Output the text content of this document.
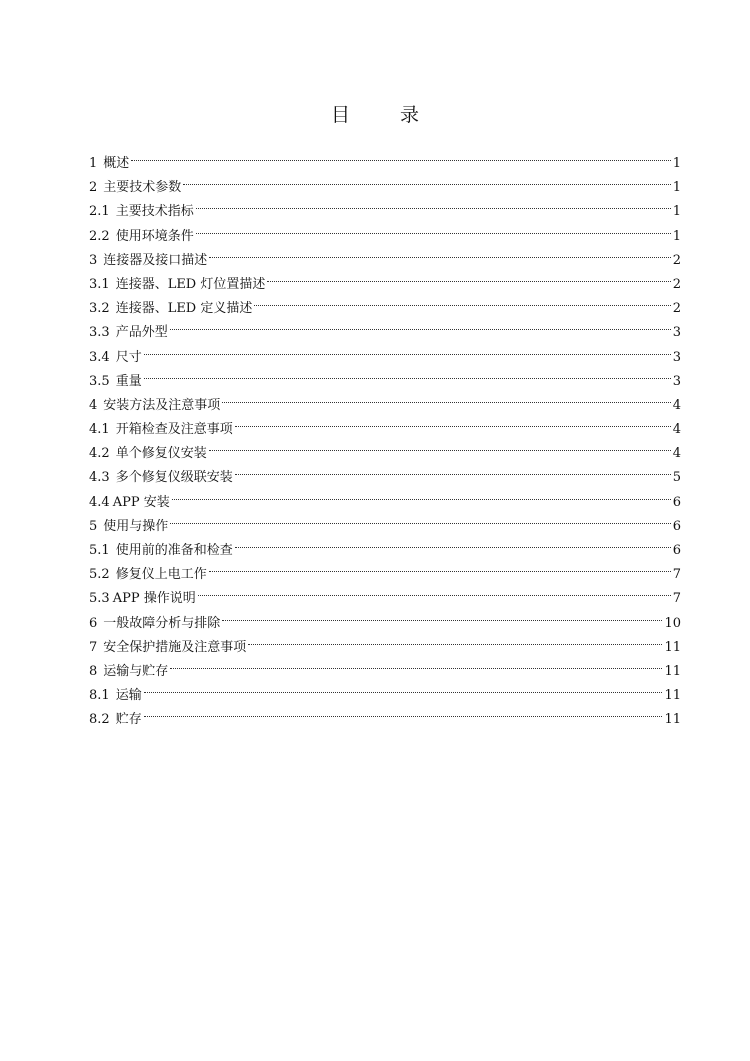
目 录
1 概述	1
2 主要技术参数	1
2.1 主要技术指标	1
2.2 使用环境条件	1
3 连接器及接口描述	2
3.1 连接器、LED 灯位置描述	2
3.2 连接器、LED 定义描述	2
3.3 产品外型	3
3.4 尺寸	3
3.5 重量	3
4 安装方法及注意事项	4
4.1 开箱检查及注意事项	4
4.2 单个修复仪安装	4
4.3 多个修复仪级联安装	5
4.4 APP 安装	6
5 使用与操作	6
5.1 使用前的准备和检查	6
5.2 修复仪上电工作	7
5.3 APP 操作说明	7
6 一般故障分析与排除	10
7 安全保护措施及注意事项	11
8 运输与贮存	11
8.1 运输	11
8.2 贮存	11
